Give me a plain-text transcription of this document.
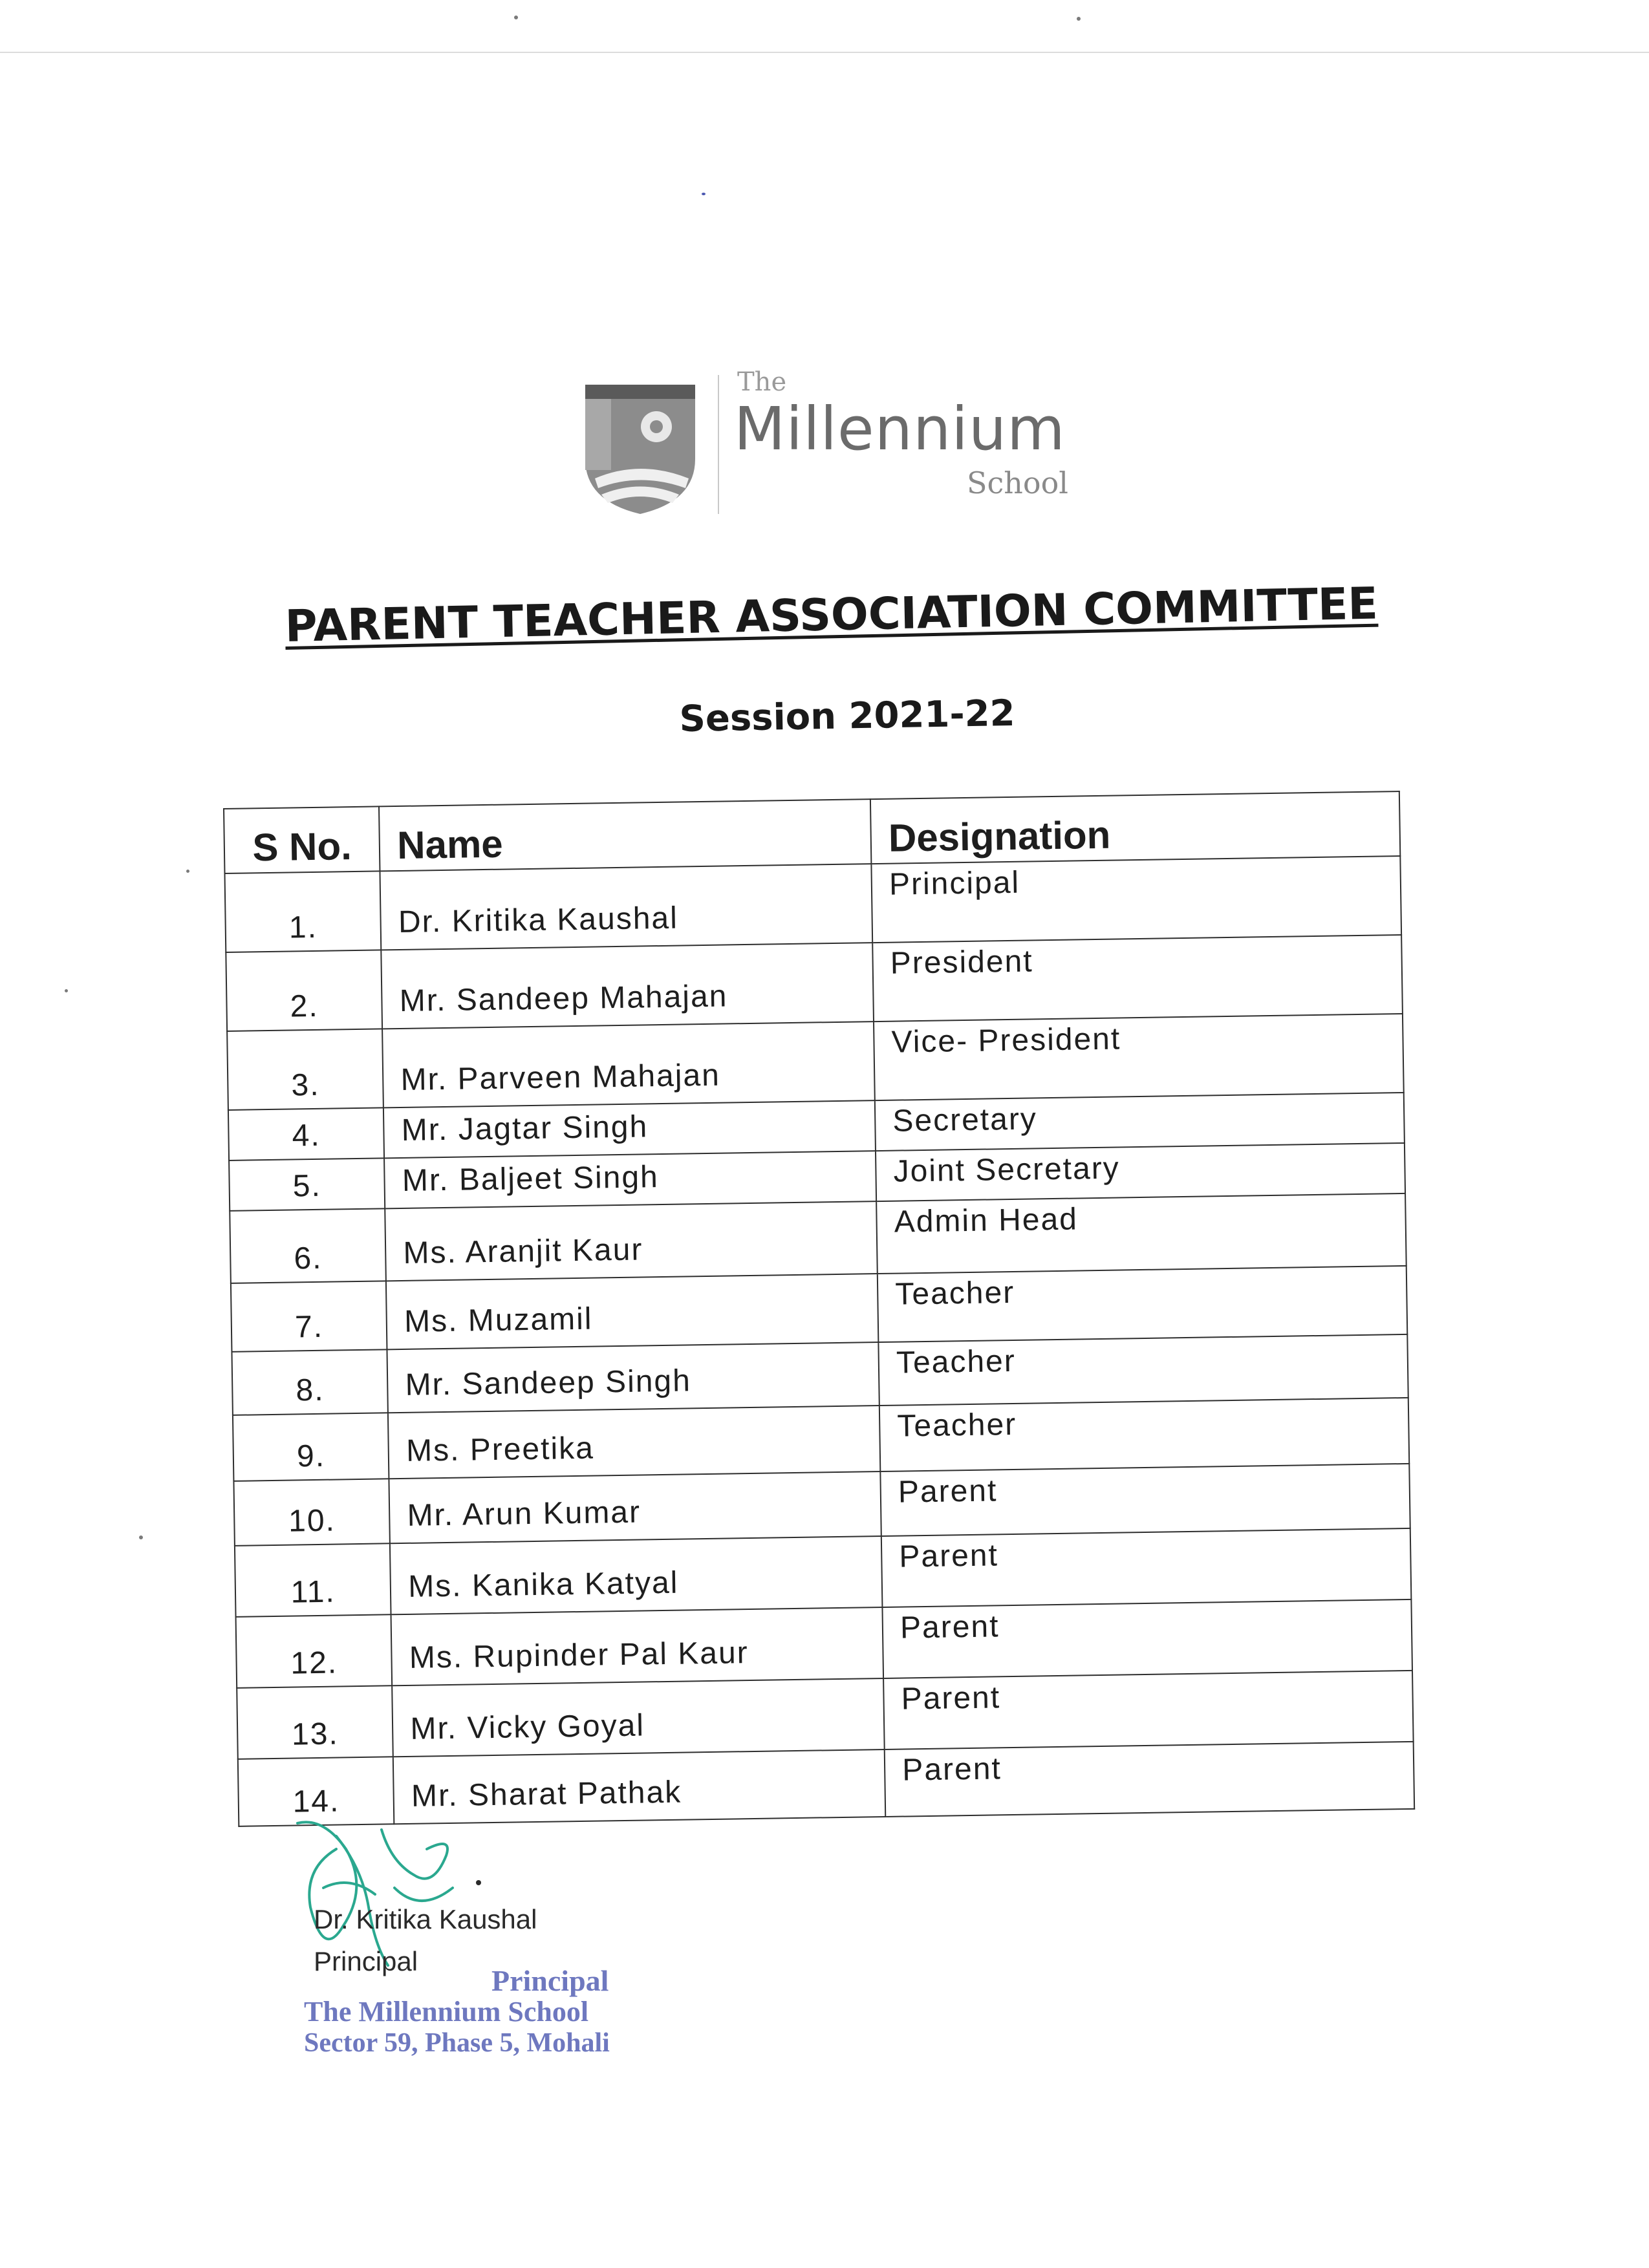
The
Millennium
School
PARENT TEACHER ASSOCIATION COMMITTEE
Session 2021-22
S No.	Name	Designation
1.	Dr. Kritika Kaushal	Principal
2.	Mr. Sandeep Mahajan	President
3.	Mr. Parveen Mahajan	Vice- President
4.	Mr. Jagtar Singh	Secretary
5.	Mr. Baljeet Singh	Joint Secretary
6.	Ms. Aranjit Kaur	Admin Head
7.	Ms. Muzamil	Teacher
8.	Mr. Sandeep Singh	Teacher
9.	Ms. Preetika	Teacher
10.	Mr. Arun Kumar	Parent
11.	Ms. Kanika Katyal	Parent
12.	Ms. Rupinder Pal Kaur	Parent
13.	Mr. Vicky Goyal	Parent
14.	Mr. Sharat Pathak	Parent
Dr. Kritika Kaushal
Principal
Principal
The Millennium School
Sector 59, Phase 5, Mohali
